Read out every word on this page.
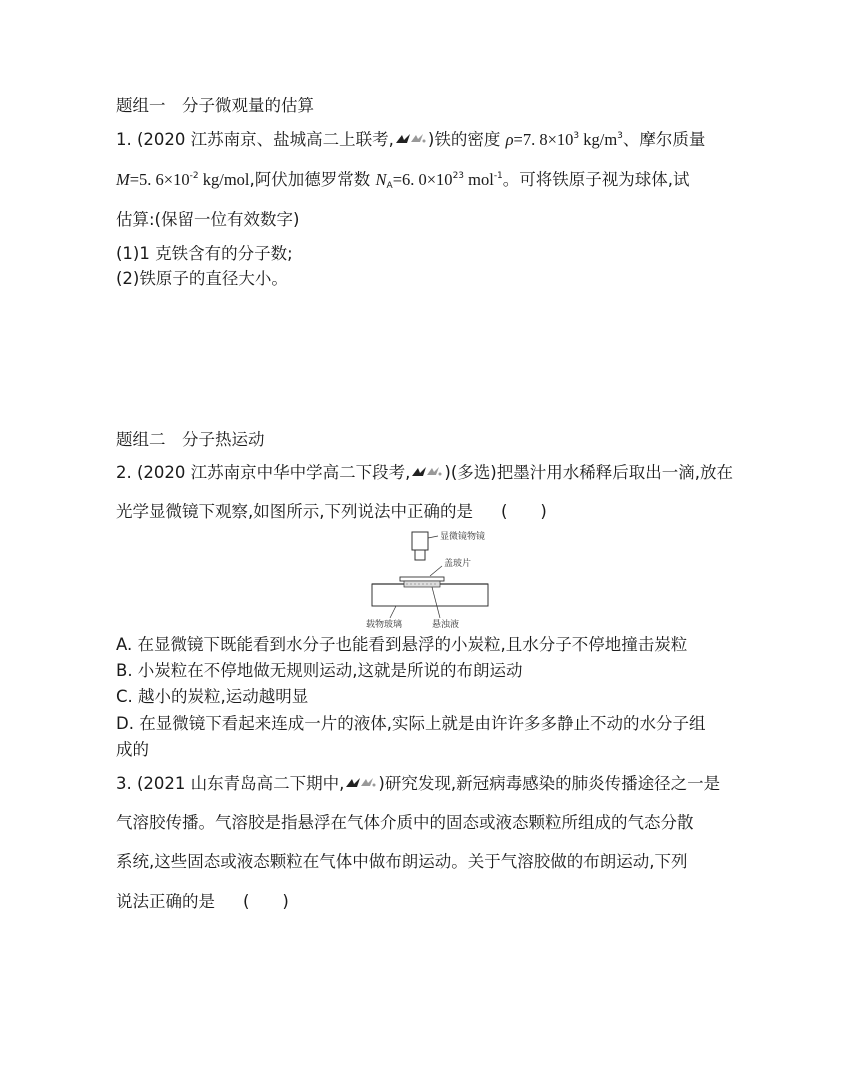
题组一　分子微观量的估算
1. (2020 江苏南京、盐城高二上联考, )铁的密度 ρ=7. $8\times 10^3$ $kg/m^3$、摩尔质量
M=5. $6\times 10^{-2}$ kg/mol,阿伏加德罗常数 $N_A=6$. $0\times 10^{23}$ mol$^{-1}$。可将铁原子视为球体,试
估算:(保留一位有效数字)
(1)1 克铁含有的分子数;
(2)铁原子的直径大小。
题组二　分子热运动
2. (2020 江苏南京中华中学高二下段考, )(多选)把墨汁用水稀释后取出一滴,放在
光学显微镜下观察,如图所示,下列说法中正确的是 (　　)
显微镜物镜
盖玻片
载物玻璃	悬浊液
A. 在显微镜下既能看到水分子也能看到悬浮的小炭粒,且水分子不停地撞击炭粒
B. 小炭粒在不停地做无规则运动,这就是所说的布朗运动
C. 越小的炭粒,运动越明显
D. 在显微镜下看起来连成一片的液体,实际上就是由许许多多静止不动的水分子组
成的
3. (2021 山东青岛高二下期中, )研究发现,新冠病毒感染的肺炎传播途径之一是
气溶胶传播。气溶胶是指悬浮在气体介质中的固态或液态颗粒所组成的气态分散
系统,这些固态或液态颗粒在气体中做布朗运动。关于气溶胶做的布朗运动,下列
说法正确的是 (　　)
